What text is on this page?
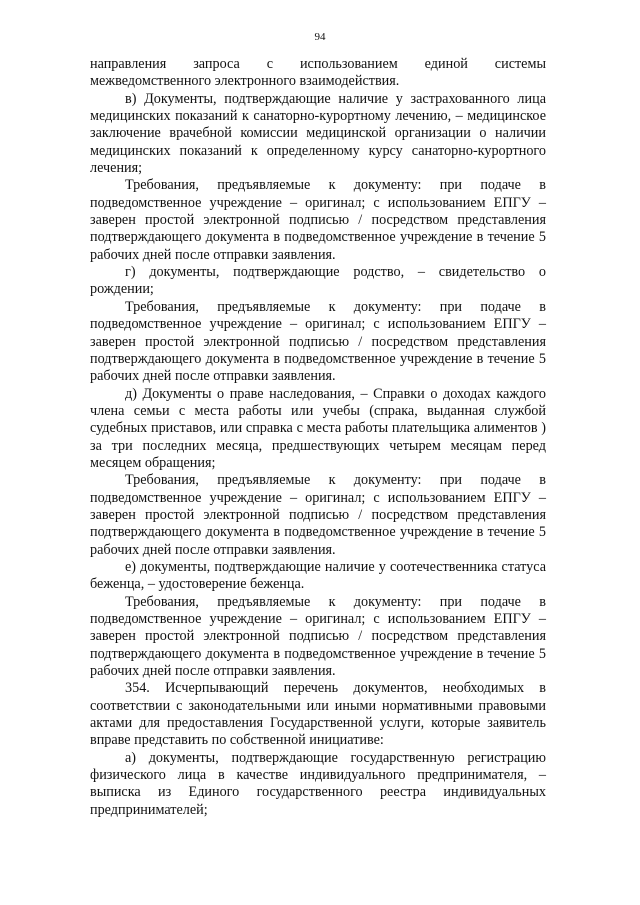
94

направления запроса с использованием единой системы межведомственного электронного взаимодействия.

в) Документы, подтверждающие наличие у застрахованного лица медицинских показаний к санаторно-курортному лечению, – медицинское заключение врачебной комиссии медицинской организации о наличии медицинских показаний к определенному курсу санаторно-курортного лечения;

Требования, предъявляемые к документу: при подаче в подведомственное учреждение – оригинал; с использованием ЕПГУ – заверен простой электронной подписью / посредством представления подтверждающего документа в подведомственное учреждение в течение 5 рабочих дней после отправки заявления.

г) документы, подтверждающие родство, – свидетельство о рождении;

Требования, предъявляемые к документу: при подаче в подведомственное учреждение – оригинал; с использованием ЕПГУ – заверен простой электронной подписью / посредством представления подтверждающего документа в подведомственное учреждение в течение 5 рабочих дней после отправки заявления.

д) Документы о праве наследования, – Справки о доходах каждого члена семьи с места работы или учебы (спрака, выданная службой судебных приставов, или справка с места работы плательщика алиментов ) за три последних месяца, предшествующих четырем месяцам перед месяцем обращения;

Требования, предъявляемые к документу: при подаче в подведомственное учреждение – оригинал; с использованием ЕПГУ – заверен простой электронной подписью / посредством представления подтверждающего документа в подведомственное учреждение в течение 5 рабочих дней после отправки заявления.

е) документы, подтверждающие наличие у соотечественника статуса беженца, – удостоверение беженца.

Требования, предъявляемые к документу: при подаче в подведомственное учреждение – оригинал; с использованием ЕПГУ – заверен простой электронной подписью / посредством представления подтверждающего документа в подведомственное учреждение в течение 5 рабочих дней после отправки заявления.

354. Исчерпывающий перечень документов, необходимых в соответствии с законодательными или иными нормативными правовыми актами для предоставления Государственной услуги, которые заявитель вправе представить по собственной инициативе:

а) документы, подтверждающие государственную регистрацию физического лица в качестве индивидуального предпринимателя, – выписка из Единого государственного реестра индивидуальных предпринимателей;
